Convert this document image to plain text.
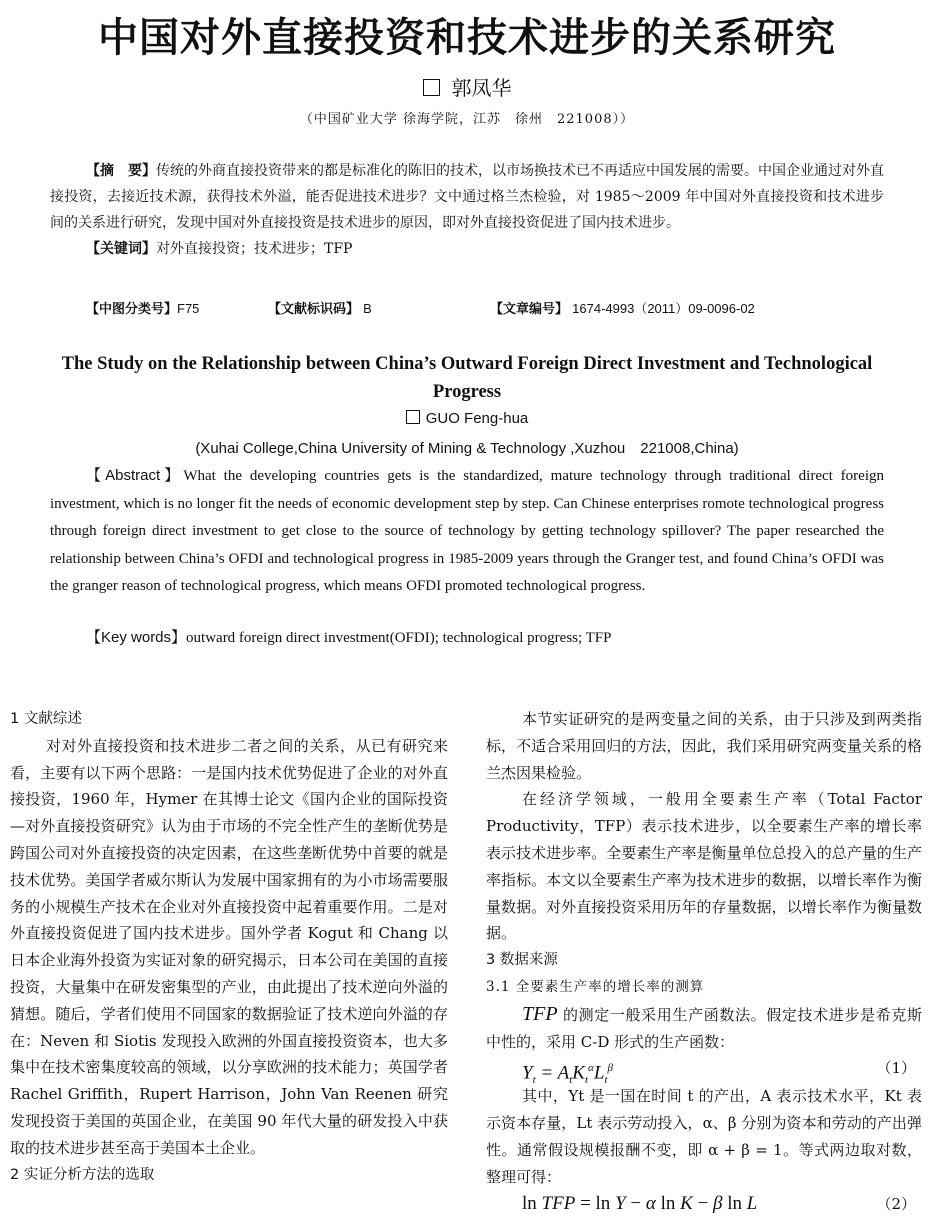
中国对外直接投资和技术进步的关系研究
郭凤华
（中国矿业大学 徐海学院，江苏　徐州　221008））

【摘　要】传统的外商直接投资带来的都是标准化的陈旧的技术，以市场换技术已不再适应中国发展的需要。中国企业通过对外直接投资，去接近技术源，获得技术外溢，能否促进技术进步？文中通过格兰杰检验，对 1985～2009 年中国对外直接投资和技术进步间的关系进行研究，发现中国对外直接投资是技术进步的原因，即对外直接投资促进了国内技术进步。

【关键词】对外直接投资；技术进步；TFP

【中图分类号】F75	【文献标识码】 B	【文章编号】 1674-4993（2011）09-0096-02
The Study on the Relationship between China’s Outward Foreign Direct Investment and Technological Progress
GUO Feng-hua
(Xuhai College,China University of Mining & Technology ,Xuzhou　221008,China)

【Abstract】What the developing countries gets is the standardized, mature technology through traditional direct foreign investment, which is no longer fit the needs of economic development step by step. Can Chinese enterprises romote technological progress through foreign direct investment to get close to the source of technology by getting technology spillover? The paper researched the relationship between China’s OFDI and technological progress in 1985-2009 years through the Granger test, and found China’s OFDI was the granger reason of technological progress, which means OFDI promoted technological progress.

【Key words】outward foreign direct investment(OFDI); technological progress; TFP

1 文献综述

对对外直接投资和技术进步二者之间的关系，从已有研究来看，主要有以下两个思路：一是国内技术优势促进了企业的对外直接投资，1960 年，Hymer 在其博士论文《国内企业的国际投资—对外直接投资研究》认为由于市场的不完全性产生的垄断优势是跨国公司对外直接投资的决定因素，在这些垄断优势中首要的就是技术优势。美国学者威尔斯认为发展中国家拥有的为小市场需要服务的小规模生产技术在企业对外直接投资中起着重要作用。二是对外直接投资促进了国内技术进步。国外学者 Kogut 和 Chang 以日本企业海外投资为实证对象的研究揭示，日本公司在美国的直接投资，大量集中在研发密集型的产业，由此提出了技术逆向外溢的猜想。随后，学者们使用不同国家的数据验证了技术逆向外溢的存在：Neven 和 Siotis 发现投入欧洲的外国直接投资资本，也大多集中在技术密集度较高的领域，以分享欧洲的技术能力；英国学者 Rachel Griffith，Rupert Harrison，John Van Reenen 研究发现投资于美国的英国企业，在美国 90 年代大量的研发投入中获取的技术进步甚至高于美国本土企业。

2 实证分析方法的选取

本节实证研究的是两变量之间的关系，由于只涉及到两类指标，不适合采用回归的方法，因此，我们采用研究两变量关系的格兰杰因果检验。

在经济学领域，一般用全要素生产率（Total Factor Productivity，TFP）表示技术进步，以全要素生产率的增长率表示技术进步率。全要素生产率是衡量单位总投入的总产量的生产率指标。本文以全要素生产率为技术进步的数据，以增长率作为衡量数据。对外直接投资采用历年的存量数据，以增长率作为衡量数据。

3 数据来源

3.1 全要素生产率的增长率的测算

TFP 的测定一般采用生产函数法。假定技术进步是希克斯中性的，采用 C-D 形式的生产函数：

$Y_t = A_tK_t^\alpha L_t^\beta$	（1）

其中，Yt 是一国在时间 t 的产出，A 表示技术水平，Kt 表示资本存量，Lt 表示劳动投入，α、β 分别为资本和劳动的产出弹性。通常假设规模报酬不变，即 α + β = 1。等式两边取对数，整理可得：

ln TFP = ln Y − α ln K − β ln L	（2）
